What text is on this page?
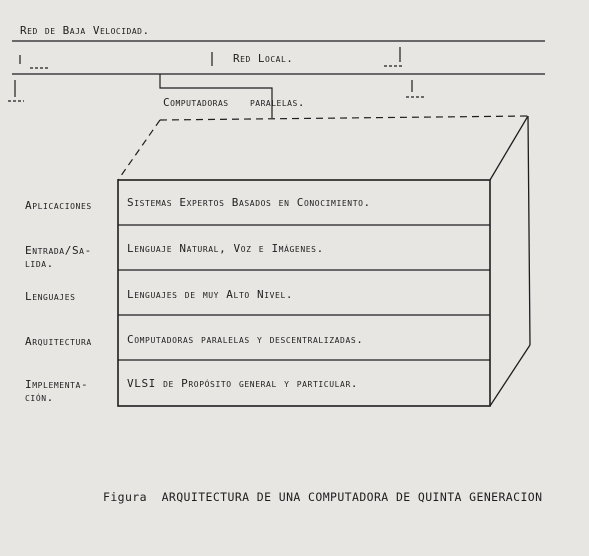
Red de Baja Velocidad.
Red Local.
Computadoras   paralelas.
Aplicaciones
Entrada/Sa-
lida.
Lenguajes
Arquitectura
Implementa-
ción.
Sistemas Expertos Basados en Conocimiento.
Lenguaje Natural, Voz e Imágenes.
Lenguajes de muy Alto Nivel.
Computadoras paralelas y descentralizadas.
VLSI de Propósito general y particular.
Figura  ARQUITECTURA DE UNA COMPUTADORA DE QUINTA GENERACION
